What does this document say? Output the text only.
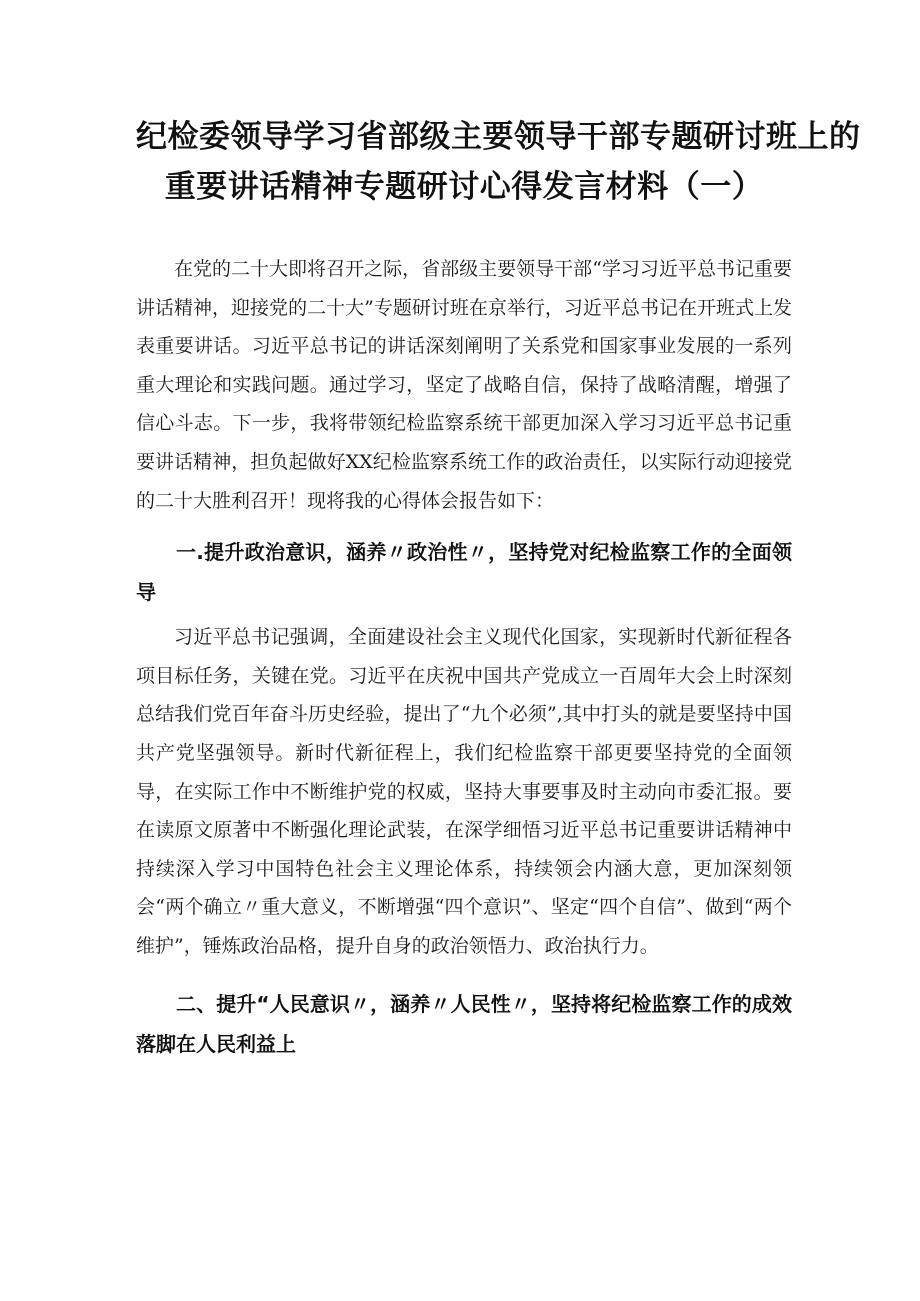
纪检委领导学习省部级主要领导干部专题研讨班上的
重要讲话精神专题研讨心得发言材料（一）

在党的二十大即将召开之际，省部级主要领导干部“学习习近平总书记重要讲话精神，迎接党的二十大”专题研讨班在京举行，习近平总书记在开班式上发表重要讲话。习近平总书记的讲话深刻阐明了关系党和国家事业发展的一系列重大理论和实践问题。通过学习，坚定了战略自信，保持了战略清醒，增强了信心斗志。下一步，我将带领纪检监察系统干部更加深入学习习近平总书记重要讲话精神，担负起做好XX纪检监察系统工作的政治责任，以实际行动迎接党的二十大胜利召开！现将我的心得体会报告如下：

一.提升政治意识，涵养〃政治性〃，坚持党对纪检监察工作的全面领导

习近平总书记强调，全面建设社会主义现代化国家，实现新时代新征程各项目标任务，关键在党。习近平在庆祝中国共产党成立一百周年大会上时深刻总结我们党百年奋斗历史经验，提出了“九个必须”,其中打头的就是要坚持中国共产党坚强领导。新时代新征程上，我们纪检监察干部更要坚持党的全面领导，在实际工作中不断维护党的权威，坚持大事要事及时主动向市委汇报。要在读原文原著中不断强化理论武装，在深学细悟习近平总书记重要讲话精神中持续深入学习中国特色社会主义理论体系，持续领会内涵大意，更加深刻领会“两个确立〃重大意义，不断增强“四个意识”、坚定“四个自信”、做到“两个维护”，锤炼政治品格，提升自身的政治领悟力、政治执行力。

二、提升“人民意识〃，涵养〃人民性〃，坚持将纪检监察工作的成效落脚在人民利益上
